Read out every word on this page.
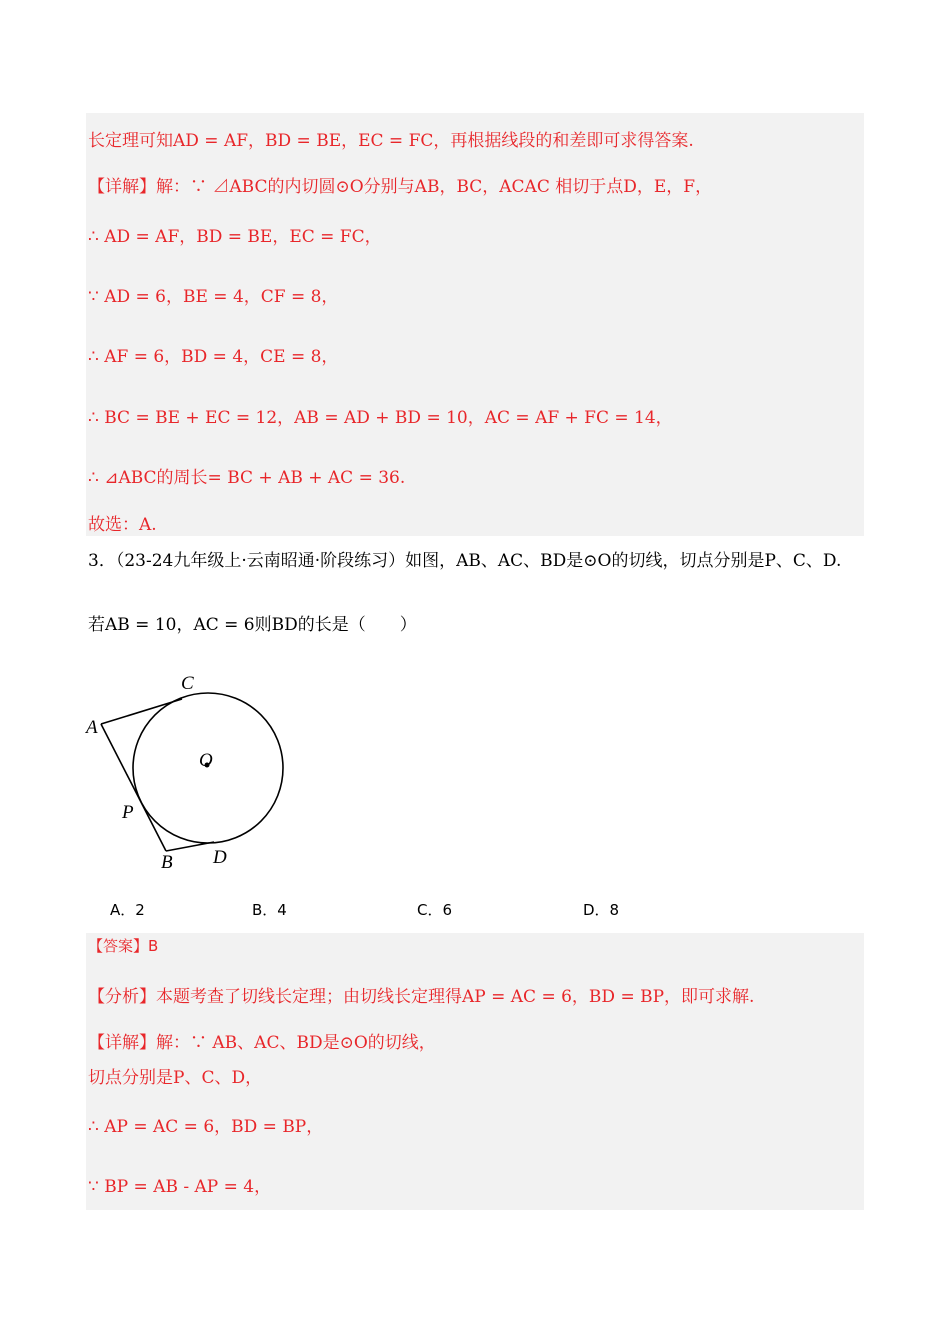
长定理可知AD = AF，BD = BE，EC = FC，再根据线段的和差即可求得答案.
【详解】解：∵ ⊿ABC的内切圆⊙O分别与AB，BC，ACAC 相切于点D，E，F，
∴ AD = AF，BD = BE，EC = FC，
∵ AD = 6，BE = 4，CF = 8，
∴ AF = 6，BD = 4，CE = 8，
∴ BC = BE + EC = 12，AB = AD + BD = 10，AC = AF + FC = 14，
∴ ⊿ABC的周长= BC + AB + AC = 36.
故选：A.
3．（23-24九年级上·云南昭通·阶段练习）如图，AB、AC、BD是⊙O的切线，切点分别是P、C、D.
若AB = 10，AC = 6则BD的长是（　　）
A
C
O
P
B D
A．2	B．4	C．6	D．8
【答案】B
【分析】本题考查了切线长定理；由切线长定理得AP = AC = 6，BD = BP，即可求解.
【详解】解：∵ AB、AC、BD是⊙O的切线，
切点分别是P、C、D，
∴ AP = AC = 6，BD = BP，
∵ BP = AB - AP = 4，
